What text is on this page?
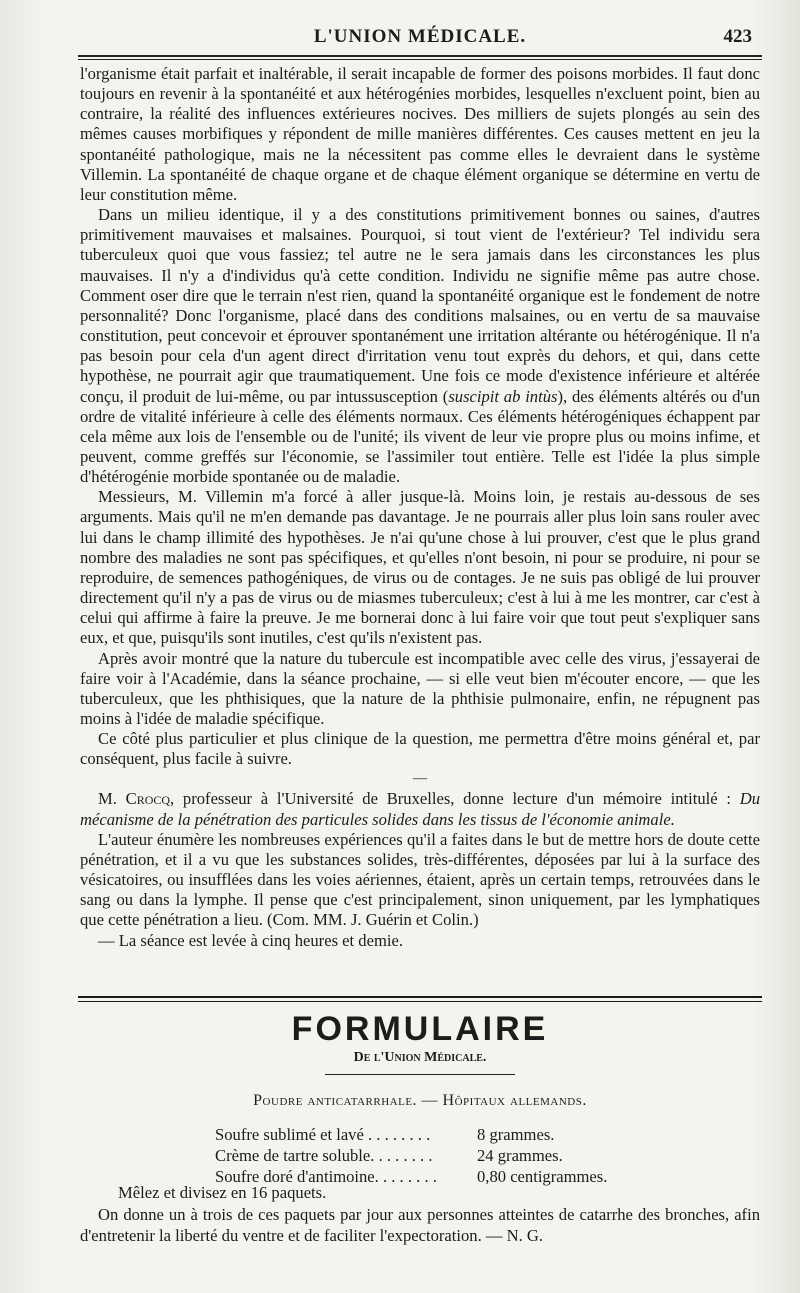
L'UNION MÉDICALE.	423

l'organisme était parfait et inaltérable, il serait incapable de former des poisons morbides. Il faut donc toujours en revenir à la spontanéité et aux hétérogénies morbides, lesquelles n'excluent point, bien au contraire, la réalité des influences extérieures nocives. Des milliers de sujets plongés au sein des mêmes causes morbifiques y répondent de mille manières différentes. Ces causes mettent en jeu la spontanéité pathologique, mais ne la nécessitent pas comme elles le devraient dans le système Villemin. La spontanéité de chaque organe et de chaque élément organique se détermine en vertu de leur constitution même.

Dans un milieu identique, il y a des constitutions primitivement bonnes ou saines, d'autres primitivement mauvaises et malsaines. Pourquoi, si tout vient de l'extérieur? Tel individu sera tuberculeux quoi que vous fassiez; tel autre ne le sera jamais dans les circonstances les plus mauvaises. Il n'y a d'individus qu'à cette condition. Individu ne signifie même pas autre chose. Comment oser dire que le terrain n'est rien, quand la spontanéité organique est le fondement de notre personnalité? Donc l'organisme, placé dans des conditions malsaines, ou en vertu de sa mauvaise constitution, peut concevoir et éprouver spontanément une irritation altérante ou hétérogénique. Il n'a pas besoin pour cela d'un agent direct d'irritation venu tout exprès du dehors, et qui, dans cette hypothèse, ne pourrait agir que traumatiquement. Une fois ce mode d'existence inférieure et altérée conçu, il produit de lui-même, ou par intussusception (suscipit ab intùs), des éléments altérés ou d'un ordre de vitalité inférieure à celle des éléments normaux. Ces éléments hétérogéniques échappent par cela même aux lois de l'ensemble ou de l'unité; ils vivent de leur vie propre plus ou moins infime, et peuvent, comme greffés sur l'économie, se l'assimiler tout entière. Telle est l'idée la plus simple d'hétérogénie morbide spontanée ou de maladie.

Messieurs, M. Villemin m'a forcé à aller jusque-là. Moins loin, je restais au-dessous de ses arguments. Mais qu'il ne m'en demande pas davantage. Je ne pourrais aller plus loin sans rouler avec lui dans le champ illimité des hypothèses. Je n'ai qu'une chose à lui prouver, c'est que le plus grand nombre des maladies ne sont pas spécifiques, et qu'elles n'ont besoin, ni pour se produire, ni pour se reproduire, de semences pathogéniques, de virus ou de contages. Je ne suis pas obligé de lui prouver directement qu'il n'y a pas de virus ou de miasmes tuberculeux; c'est à lui à me les montrer, car c'est à celui qui affirme à faire la preuve. Je me bornerai donc à lui faire voir que tout peut s'expliquer sans eux, et que, puisqu'ils sont inutiles, c'est qu'ils n'existent pas.

Après avoir montré que la nature du tubercule est incompatible avec celle des virus, j'essayerai de faire voir à l'Académie, dans la séance prochaine, — si elle veut bien m'écouter encore, — que les tuberculeux, que les phthisiques, que la nature de la phthisie pulmonaire, enfin, ne répugnent pas moins à l'idée de maladie spécifique.

Ce côté plus particulier et plus clinique de la question, me permettra d'être moins général et, par conséquent, plus facile à suivre.

—

M. Crocq, professeur à l'Université de Bruxelles, donne lecture d'un mémoire intitulé : Du mécanisme de la pénétration des particules solides dans les tissus de l'économie animale.

L'auteur énumère les nombreuses expériences qu'il a faites dans le but de mettre hors de doute cette pénétration, et il a vu que les substances solides, très-différentes, déposées par lui à la surface des vésicatoires, ou insufflées dans les voies aériennes, étaient, après un certain temps, retrouvées dans le sang ou dans la lymphe. Il pense que c'est principalement, sinon uniquement, par les lymphatiques que cette pénétration a lieu. (Com. MM. J. Guérin et Colin.)

— La séance est levée à cinq heures et demie.

FORMULAIRE
De l'Union Médicale.
Poudre anticatarrhale. — Hôpitaux allemands.
Soufre sublimé et lavé . . . . . . . .	8 grammes.
Crème de tartre soluble. . . . . . . .	24 grammes.
Soufre doré d'antimoine. . . . . . . .	0,80 centigrammes.
Mêlez et divisez en 16 paquets.

On donne un à trois de ces paquets par jour aux personnes atteintes de catarrhe des bronches, afin d'entretenir la liberté du ventre et de faciliter l'expectoration. — N. G.
